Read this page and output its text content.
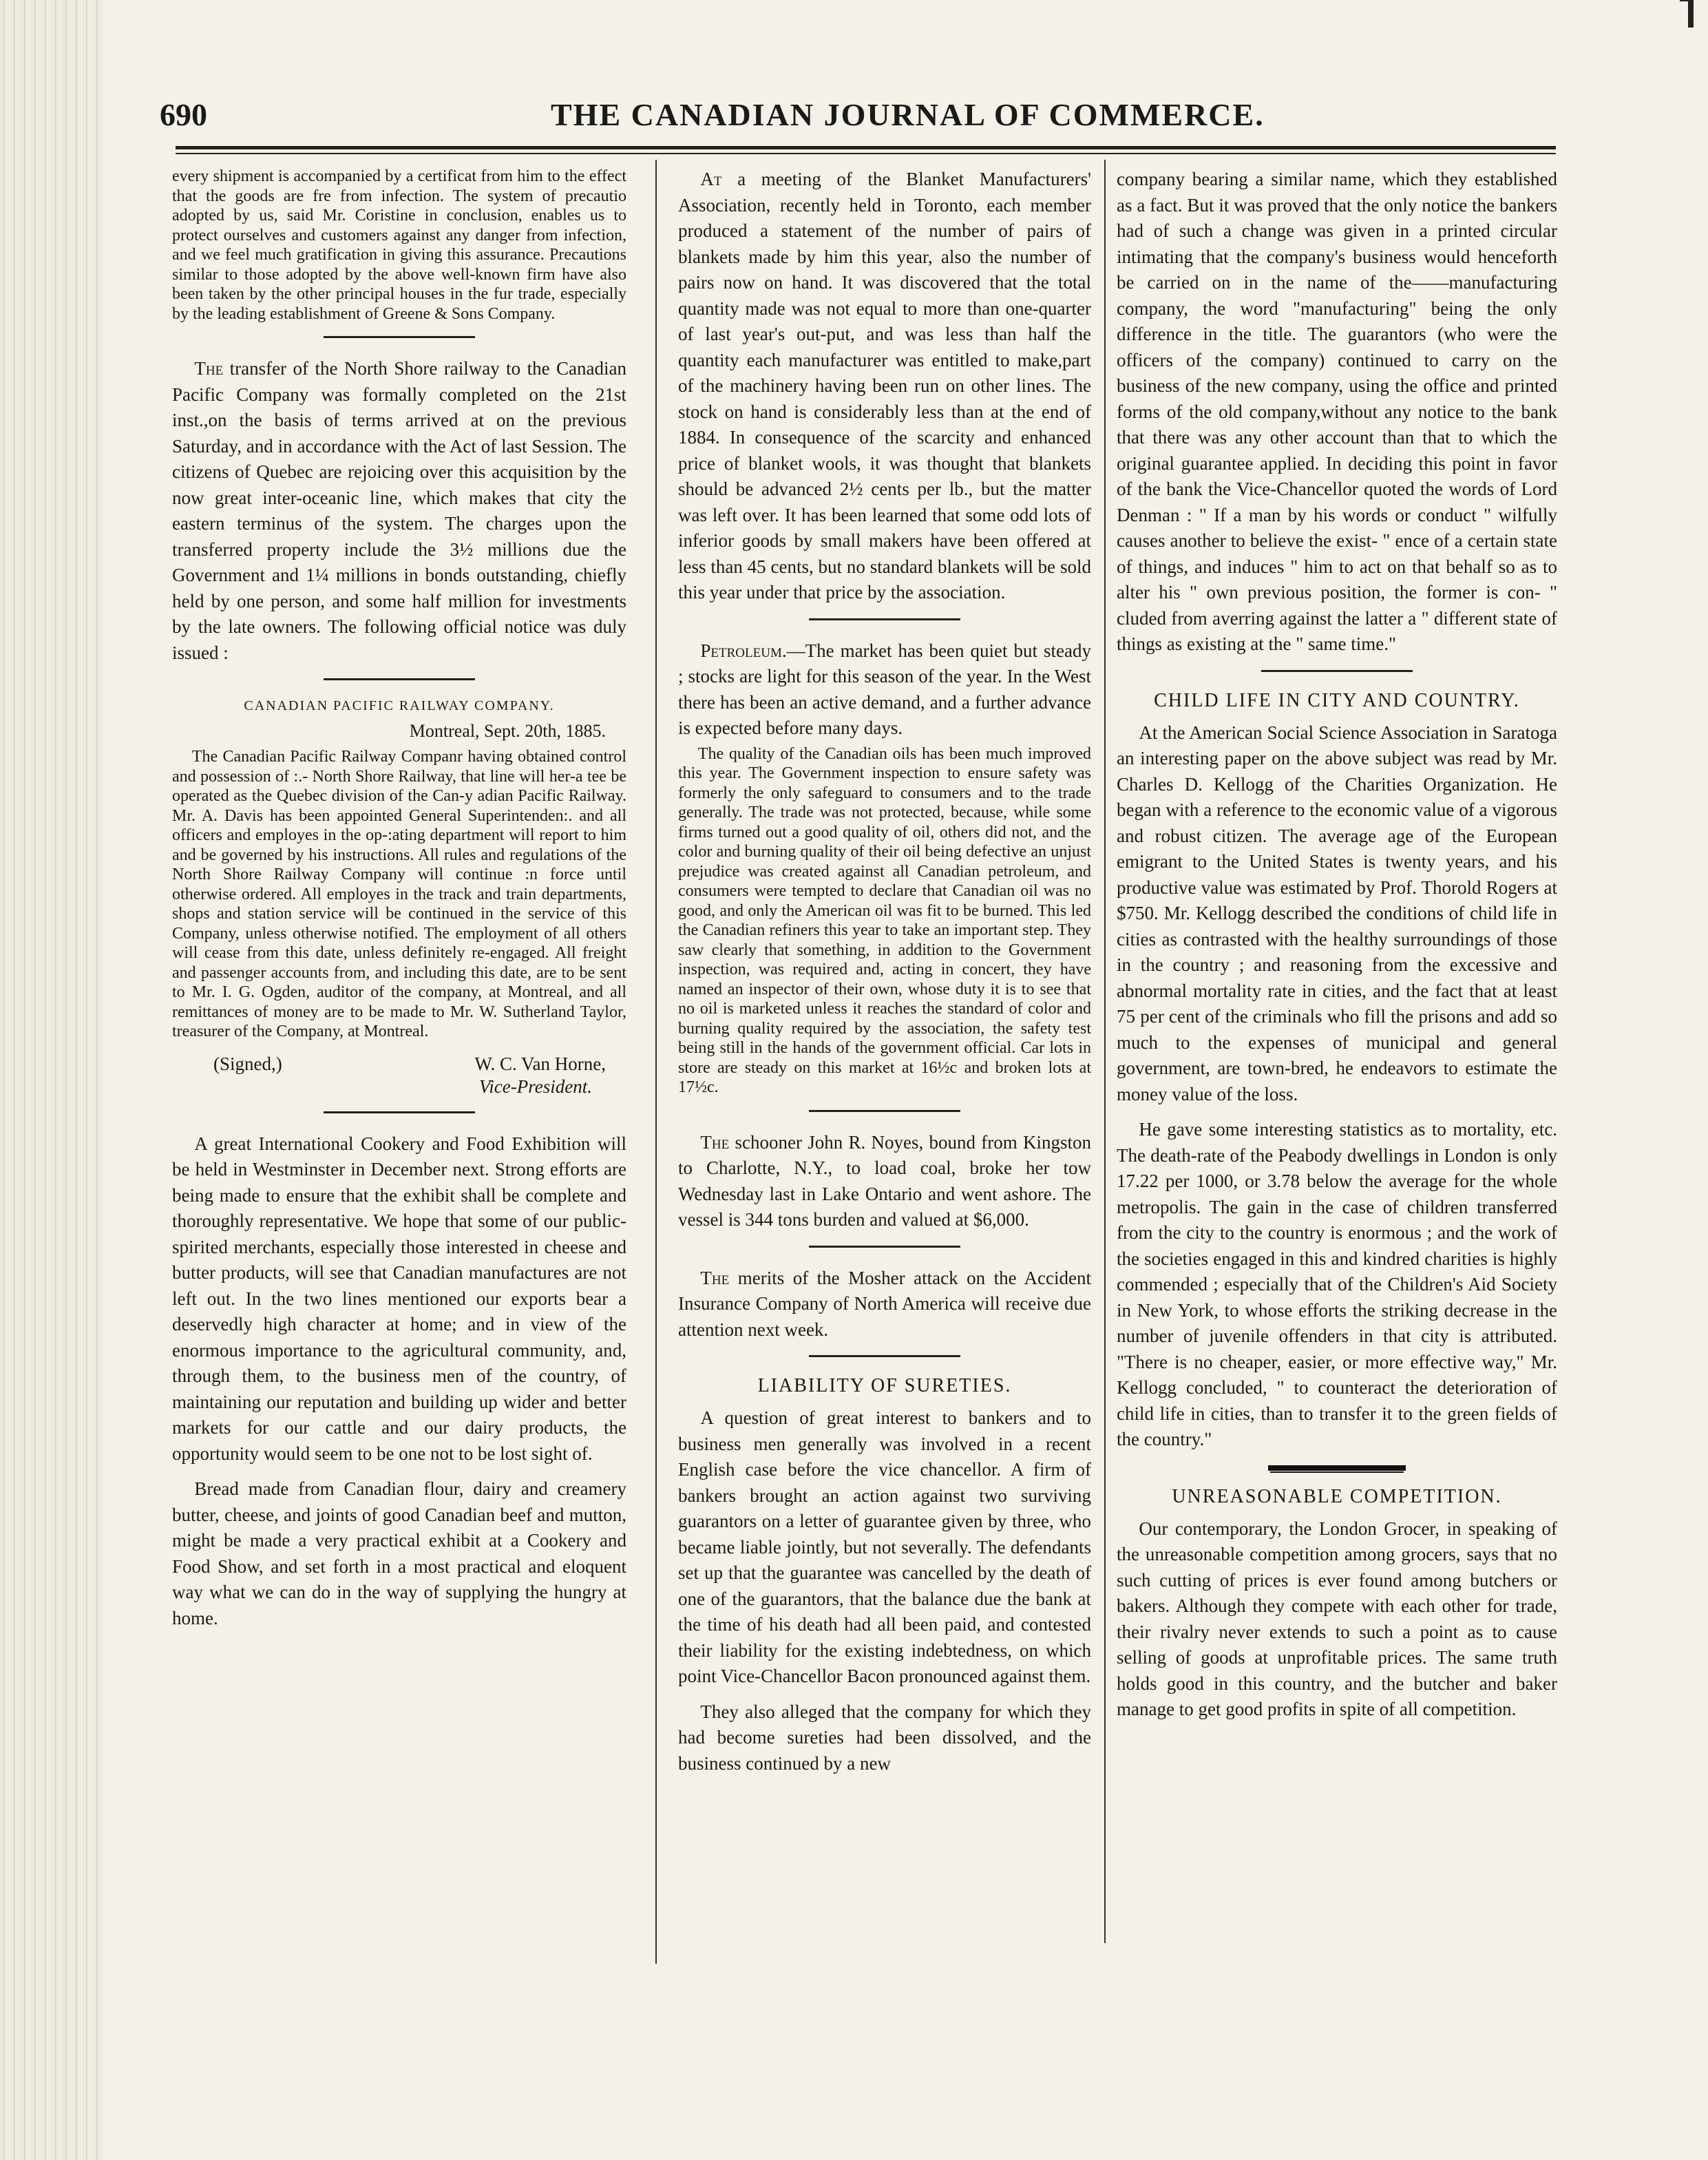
690	THE CANADIAN JOURNAL OF COMMERCE.

every shipment is accompanied by a certificat from him to the effect that the goods are fre from infection. The system of precautio adopted by us, said Mr. Coristine in conclusion, enables us to protect ourselves and customers against any danger from infection, and we feel much gratification in giving this assurance. Precautions similar to those adopted by the above well-known firm have also been taken by the other principal houses in the fur trade, especially by the leading establishment of Greene & Sons Company.

The transfer of the North Shore railway to the Canadian Pacific Company was formally completed on the 21st inst.,on the basis of terms arrived at on the previous Saturday, and in accordance with the Act of last Session. The citizens of Quebec are rejoicing over this acquisition by the now great inter-oceanic line, which makes that city the eastern terminus of the system. The charges upon the transferred property include the 3½ millions due the Government and 1¼ millions in bonds outstanding, chiefly held by one person, and some half million for investments by the late owners. The following official notice was duly issued :

CANADIAN PACIFIC RAILWAY COMPANY.
Montreal, Sept. 20th, 1885.

The Canadian Pacific Railway Companr having obtained control and possession of :.- North Shore Railway, that line will her-a tee be operated as the Quebec division of the Can-y adian Pacific Railway. Mr. A. Davis has been appointed General Superintenden:. and all officers and employes in the op-:ating department will report to him and be governed by his instructions. All rules and regulations of the North Shore Railway Company will continue :n force until otherwise ordered. All employes in the track and train departments, shops and station service will be continued in the service of this Company, unless otherwise notified. The employment of all others will cease from this date, unless definitely re-engaged. All freight and passenger accounts from, and including this date, are to be sent to Mr. I. G. Ogden, auditor of the company, at Montreal, and all remittances of money are to be made to Mr. W. Sutherland Taylor, treasurer of the Company, at Montreal.

(Signed,)	W. C. Van Horne,
Vice-President.

A great International Cookery and Food Exhibition will be held in Westminster in December next. Strong efforts are being made to ensure that the exhibit shall be complete and thoroughly representative. We hope that some of our public-spirited merchants, especially those interested in cheese and butter products, will see that Canadian manufactures are not left out. In the two lines mentioned our exports bear a deservedly high character at home; and in view of the enormous importance to the agricultural community, and, through them, to the business men of the country, of maintaining our reputation and building up wider and better markets for our cattle and our dairy products, the opportunity would seem to be one not to be lost sight of.

Bread made from Canadian flour, dairy and creamery butter, cheese, and joints of good Canadian beef and mutton, might be made a very practical exhibit at a Cookery and Food Show, and set forth in a most practical and eloquent way what we can do in the way of supplying the hungry at home.

At a meeting of the Blanket Manufacturers' Association, recently held in Toronto, each member produced a statement of the number of pairs of blankets made by him this year, also the number of pairs now on hand. It was discovered that the total quantity made was not equal to more than one-quarter of last year's out-put, and was less than half the quantity each manufacturer was entitled to make,part of the machinery having been run on other lines. The stock on hand is considerably less than at the end of 1884. In consequence of the scarcity and enhanced price of blanket wools, it was thought that blankets should be advanced 2½ cents per lb., but the matter was left over. It has been learned that some odd lots of inferior goods by small makers have been offered at less than 45 cents, but no standard blankets will be sold this year under that price by the association.

Petroleum.—The market has been quiet but steady ; stocks are light for this season of the year. In the West there has been an active demand, and a further advance is expected before many days.

The quality of the Canadian oils has been much improved this year. The Government inspection to ensure safety was formerly the only safeguard to consumers and to the trade generally. The trade was not protected, because, while some firms turned out a good quality of oil, others did not, and the color and burning quality of their oil being defective an unjust prejudice was created against all Canadian petroleum, and consumers were tempted to declare that Canadian oil was no good, and only the American oil was fit to be burned. This led the Canadian refiners this year to take an important step. They saw clearly that something, in addition to the Government inspection, was required and, acting in concert, they have named an inspector of their own, whose duty it is to see that no oil is marketed unless it reaches the standard of color and burning quality required by the association, the safety test being still in the hands of the government official. Car lots in store are steady on this market at 16½c and broken lots at 17½c.

The schooner John R. Noyes, bound from Kingston to Charlotte, N.Y., to load coal, broke her tow Wednesday last in Lake Ontario and went ashore. The vessel is 344 tons burden and valued at $6,000.

The merits of the Mosher attack on the Accident Insurance Company of North America will receive due attention next week.

LIABILITY OF SURETIES.

A question of great interest to bankers and to business men generally was involved in a recent English case before the vice chancellor. A firm of bankers brought an action against two surviving guarantors on a letter of guarantee given by three, who became liable jointly, but not severally. The defendants set up that the guarantee was cancelled by the death of one of the guarantors, that the balance due the bank at the time of his death had all been paid, and contested their liability for the existing indebtedness, on which point Vice-Chancellor Bacon pronounced against them.

They also alleged that the company for which they had become sureties had been dissolved, and the business continued by a new

company bearing a similar name, which they established as a fact. But it was proved that the only notice the bankers had of such a change was given in a printed circular intimating that the company's business would henceforth be carried on in the name of the——manufacturing company, the word "manufacturing" being the only difference in the title. The guarantors (who were the officers of the company) continued to carry on the business of the new company, using the office and printed forms of the old company,without any notice to the bank that there was any other account than that to which the original guarantee applied. In deciding this point in favor of the bank the Vice-Chancellor quoted the words of Lord Denman : " If a man by his words or conduct " wilfully causes another to believe the exist- " ence of a certain state of things, and induces " him to act on that behalf so as to alter his " own previous position, the former is con- " cluded from averring against the latter a " different state of things as existing at the " same time."

CHILD LIFE IN CITY AND COUNTRY.

At the American Social Science Association in Saratoga an interesting paper on the above subject was read by Mr. Charles D. Kellogg of the Charities Organization. He began with a reference to the economic value of a vigorous and robust citizen. The average age of the European emigrant to the United States is twenty years, and his productive value was estimated by Prof. Thorold Rogers at $750. Mr. Kellogg described the conditions of child life in cities as contrasted with the healthy surroundings of those in the country ; and reasoning from the excessive and abnormal mortality rate in cities, and the fact that at least 75 per cent of the criminals who fill the prisons and add so much to the expenses of municipal and general government, are town-bred, he endeavors to estimate the money value of the loss.

He gave some interesting statistics as to mortality, etc. The death-rate of the Peabody dwellings in London is only 17.22 per 1000, or 3.78 below the average for the whole metropolis. The gain in the case of children transferred from the city to the country is enormous ; and the work of the societies engaged in this and kindred charities is highly commended ; especially that of the Children's Aid Society in New York, to whose efforts the striking decrease in the number of juvenile offenders in that city is attributed. "There is no cheaper, easier, or more effective way," Mr. Kellogg concluded, " to counteract the deterioration of child life in cities, than to transfer it to the green fields of the country."

UNREASONABLE COMPETITION.

Our contemporary, the London Grocer, in speaking of the unreasonable competition among grocers, says that no such cutting of prices is ever found among butchers or bakers. Although they compete with each other for trade, their rivalry never extends to such a point as to cause selling of goods at unprofitable prices. The same truth holds good in this country, and the butcher and baker manage to get good profits in spite of all competition.
